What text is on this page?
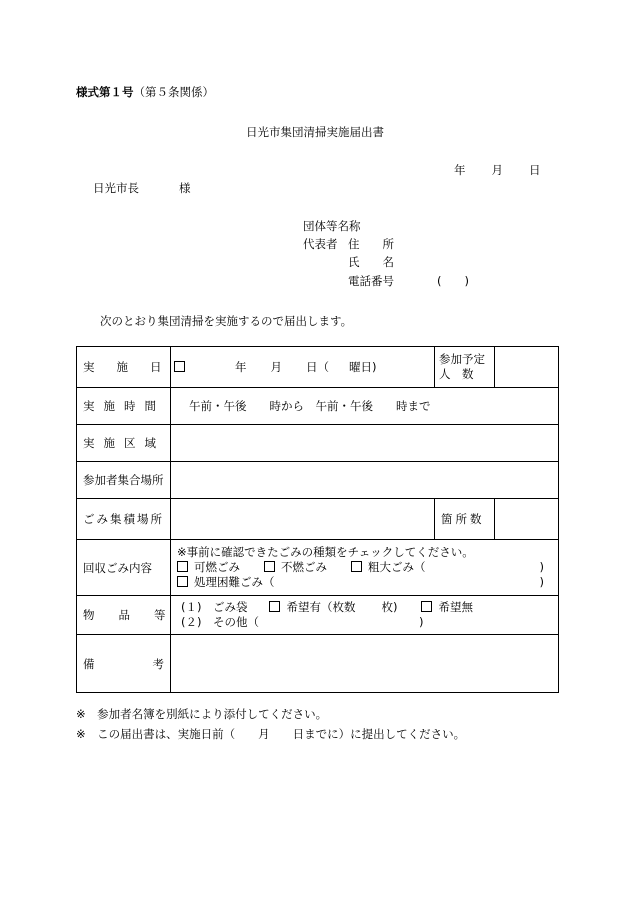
様式第１号（第５条関係）
日光市集団清掃実施届出書
年 月 日
日光市長	様
団体等名称
代表者 住　　所
氏　　名
電話番号	(　　)
次のとおり集団清掃を実施するので届出します。
実施日	年 月 日（ 曜日)	参加予定
人　数	

実施時間	午前・午後　　時から　午前・午後　　時まで		
実施区域			
参加者集合場所			
ごみ集積場所		箇所数	
回収ごみ内容	※事前に確認できたごみの種類をチェックしてください。
可燃ごみ 不燃ごみ 粗大ごみ（ )
処理困難ごみ（ )		

物品等	(１)　ごみ袋 希望有（枚数 枚) 希望無
(２)　その他（ )		

備考			
※　参加者名簿を別紙により添付してください。
※　この届出書は、実施日前（　　月　　日までに）に提出してください。
